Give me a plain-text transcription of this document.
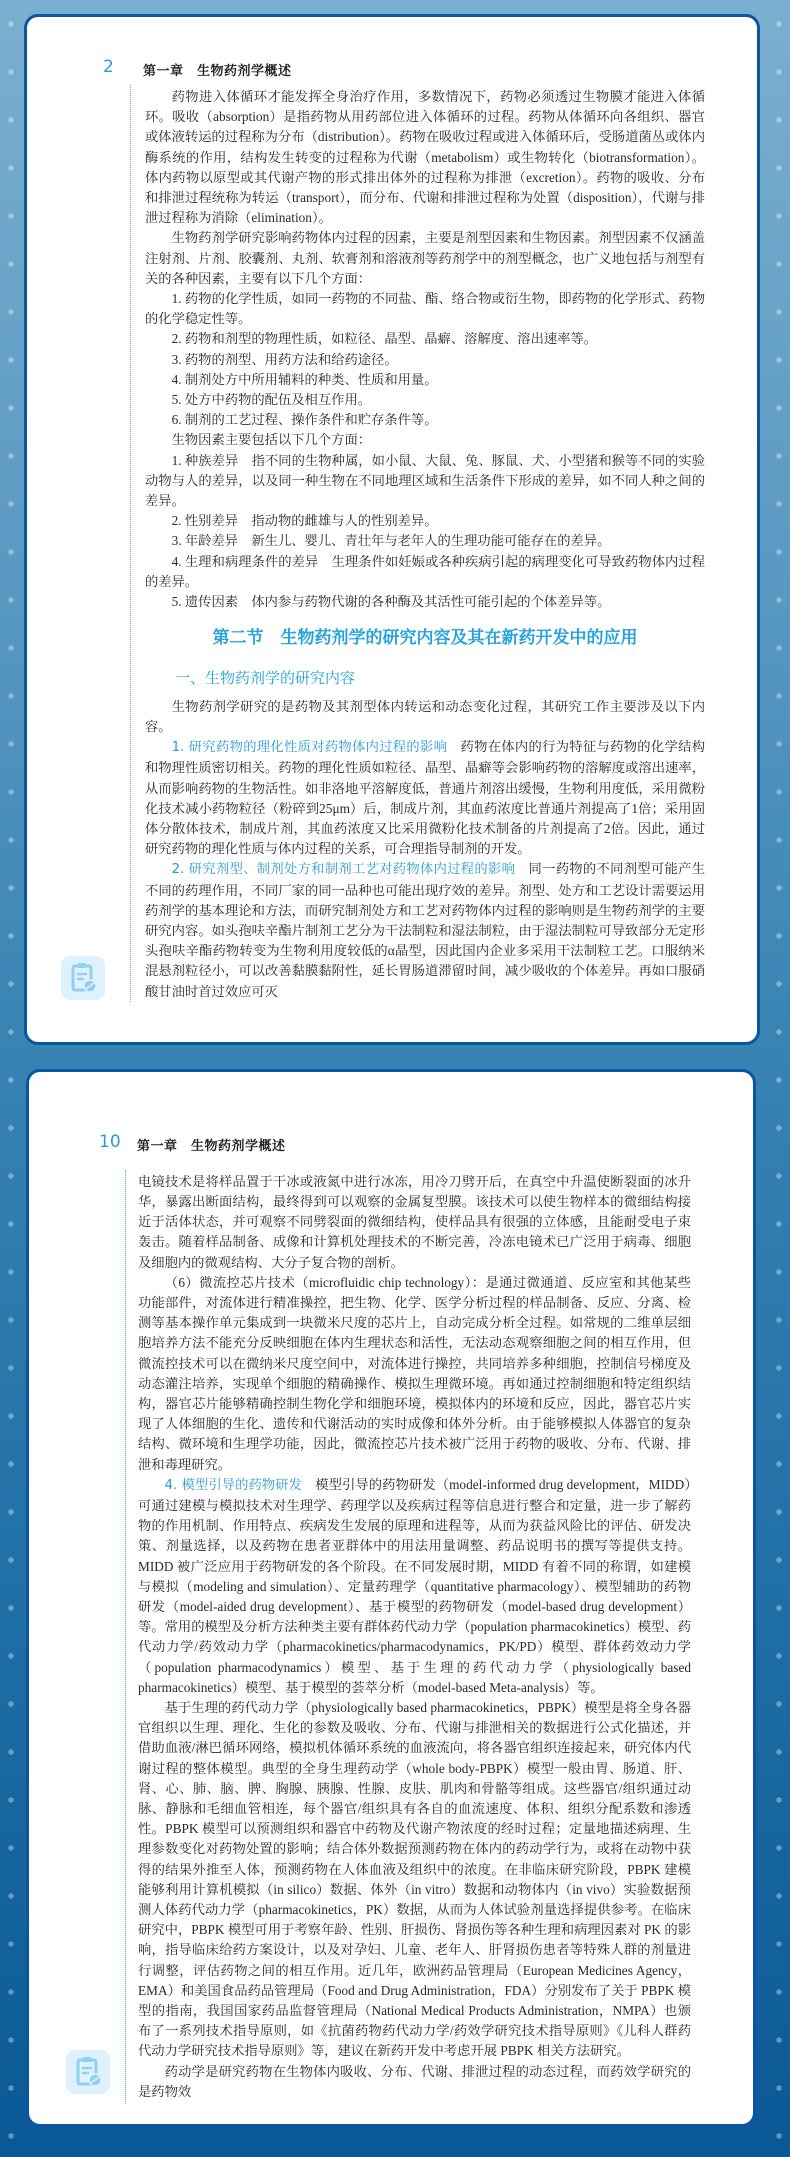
2 第一章　生物药剂学概述

药物进入体循环才能发挥全身治疗作用，多数情况下，药物必须透过生物膜才能进入体循环。吸收（absorption）是指药物从用药部位进入体循环的过程。药物从体循环向各组织、器官或体液转运的过程称为分布（distribution）。药物在吸收过程或进入体循环后，受肠道菌丛或体内酶系统的作用，结构发生转变的过程称为代谢（metabolism）或生物转化（biotransformation）。体内药物以原型或其代谢产物的形式排出体外的过程称为排泄（excretion）。药物的吸收、分布和排泄过程统称为转运（transport），而分布、代谢和排泄过程称为处置（disposition），代谢与排泄过程称为消除（elimination）。

生物药剂学研究影响药物体内过程的因素，主要是剂型因素和生物因素。剂型因素不仅涵盖注射剂、片剂、胶囊剂、丸剂、软膏剂和溶液剂等药剂学中的剂型概念，也广义地包括与剂型有关的各种因素，主要有以下几个方面：

1. 药物的化学性质，如同一药物的不同盐、酯、络合物或衍生物，即药物的化学形式、药物的化学稳定性等。

2. 药物和剂型的物理性质，如粒径、晶型、晶癖、溶解度、溶出速率等。

3. 药物的剂型、用药方法和给药途径。

4. 制剂处方中所用辅料的种类、性质和用量。

5. 处方中药物的配伍及相互作用。

6. 制剂的工艺过程、操作条件和贮存条件等。

生物因素主要包括以下几个方面：

1. 种族差异　指不同的生物种属，如小鼠、大鼠、兔、豚鼠、犬、小型猪和猴等不同的实验动物与人的差异，以及同一种生物在不同地理区域和生活条件下形成的差异，如不同人种之间的差异。

2. 性别差异　指动物的雌雄与人的性别差异。

3. 年龄差异　新生儿、婴儿、青壮年与老年人的生理功能可能存在的差异。

4. 生理和病理条件的差异　生理条件如妊娠或各种疾病引起的病理变化可导致药物体内过程的差异。

5. 遗传因素　体内参与药物代谢的各种酶及其活性可能引起的个体差异等。

第二节　生物药剂学的研究内容及其在新药开发中的应用

一、生物药剂学的研究内容

生物药剂学研究的是药物及其剂型体内转运和动态变化过程，其研究工作主要涉及以下内容。

1. 研究药物的理化性质对药物体内过程的影响 药物在体内的行为特征与药物的化学结构和物理性质密切相关。药物的理化性质如粒径、晶型、晶癖等会影响药物的溶解度或溶出速率，从而影响药物的生物活性。如非洛地平溶解度低，普通片剂溶出缓慢，生物利用度低，采用微粉化技术减小药物粒径（粉碎到25μm）后，制成片剂，其血药浓度比普通片剂提高了1倍；采用固体分散体技术，制成片剂，其血药浓度又比采用微粉化技术制备的片剂提高了2倍。因此，通过研究药物的理化性质与体内过程的关系，可合理指导制剂的开发。

2. 研究剂型、制剂处方和制剂工艺对药物体内过程的影响 同一药物的不同剂型可能产生不同的药理作用，不同厂家的同一品种也可能出现疗效的差异。剂型、处方和工艺设计需要运用药剂学的基本理论和方法，而研究制剂处方和工艺对药物体内过程的影响则是生物药剂学的主要研究内容。如头孢呋辛酯片制剂工艺分为干法制粒和湿法制粒，由于湿法制粒可导致部分无定形头孢呋辛酯药物转变为生物利用度较低的α晶型，因此国内企业多采用干法制粒工艺。口服纳米混悬剂粒径小，可以改善黏膜黏附性，延长胃肠道滞留时间，减少吸收的个体差异。再如口服硝酸甘油时首过效应可灭

10 第一章　生物药剂学概述

电镜技术是将样品置于干冰或液氮中进行冰冻，用冷刀劈开后，在真空中升温使断裂面的冰升华，暴露出断面结构，最终得到可以观察的金属复型膜。该技术可以使生物样本的微细结构接近于活体状态，并可观察不同劈裂面的微细结构，使样品具有很强的立体感，且能耐受电子束轰击。随着样品制备、成像和计算机处理技术的不断完善，冷冻电镜术已广泛用于病毒、细胞及细胞内的微观结构、大分子复合物的剖析。

（6）微流控芯片技术（microfluidic chip technology）：是通过微通道、反应室和其他某些功能部件，对流体进行精准操控，把生物、化学、医学分析过程的样品制备、反应、分离、检测等基本操作单元集成到一块微米尺度的芯片上，自动完成分析全过程。如常规的二维单层细胞培养方法不能充分反映细胞在体内生理状态和活性，无法动态观察细胞之间的相互作用，但微流控技术可以在微纳米尺度空间中，对流体进行操控，共同培养多种细胞，控制信号梯度及动态灌注培养，实现单个细胞的精确操作、模拟生理微环境。再如通过控制细胞和特定组织结构，器官芯片能够精确控制生物化学和细胞环境，模拟体内的环境和反应，因此，器官芯片实现了人体细胞的生化、遗传和代谢活动的实时成像和体外分析。由于能够模拟人体器官的复杂结构、微环境和生理学功能，因此，微流控芯片技术被广泛用于药物的吸收、分布、代谢、排泄和毒理研究。

4. 模型引导的药物研发 模型引导的药物研发（model-informed drug development，MIDD）可通过建模与模拟技术对生理学、药理学以及疾病过程等信息进行整合和定量，进一步了解药物的作用机制、作用特点、疾病发生发展的原理和进程等，从而为获益风险比的评估、研发决策、剂量选择，以及药物在患者亚群体中的用法用量调整、药品说明书的撰写等提供支持。MIDD 被广泛应用于药物研发的各个阶段。在不同发展时期，MIDD 有着不同的称谓，如建模与模拟（modeling and simulation）、定量药理学（quantitative pharmacology）、模型辅助的药物研发（model-aided drug development）、基于模型的药物研发（model-based drug development）等。常用的模型及分析方法种类主要有群体药代动力学（population pharmacokinetics）模型、药代动力学/药效动力学（pharmacokinetics/pharmacodynamics，PK/PD）模型、群体药效动力学（population pharmacodynamics）模型、基于生理的药代动力学（physiologically based pharmacokinetics）模型、基于模型的荟萃分析（model-based Meta-analysis）等。

基于生理的药代动力学（physiologically based pharmacokinetics，PBPK）模型是将全身各器官组织以生理、理化、生化的参数及吸收、分布、代谢与排泄相关的数据进行公式化描述，并借助血液/淋巴循环网络，模拟机体循环系统的血液流向，将各器官组织连接起来，研究体内代谢过程的整体模型。典型的全身生理药动学（whole body-PBPK）模型一般由胃、肠道、肝、肾、心、肺、脑、脾、胸腺、胰腺、性腺、皮肤、肌肉和骨骼等组成。这些器官/组织通过动脉、静脉和毛细血管相连，每个器官/组织具有各自的血流速度、体积、组织分配系数和渗透性。PBPK 模型可以预测组织和器官中药物及代谢产物浓度的经时过程；定量地描述病理、生理参数变化对药物处置的影响；结合体外数据预测药物在体内的药动学行为，或将在动物中获得的结果外推至人体，预测药物在人体血液及组织中的浓度。在非临床研究阶段，PBPK 建模能够利用计算机模拟（in silico）数据、体外（in vitro）数据和动物体内（in vivo）实验数据预测人体药代动力学（pharmacokinetics，PK）数据，从而为人体试验剂量选择提供参考。在临床研究中，PBPK 模型可用于考察年龄、性别、肝损伤、肾损伤等各种生理和病理因素对 PK 的影响，指导临床给药方案设计，以及对孕妇、儿童、老年人、肝肾损伤患者等特殊人群的剂量进行调整，评估药物之间的相互作用。近几年，欧洲药品管理局（European Medicines Agency，EMA）和美国食品药品管理局（Food and Drug Administration，FDA）分别发布了关于 PBPK 模型的指南，我国国家药品监督管理局（National Medical Products Administration，NMPA）也颁布了一系列技术指导原则，如《抗菌药物药代动力学/药效学研究技术指导原则》《儿科人群药代动力学研究技术指导原则》等，建议在新药开发中考虑开展 PBPK 相关方法研究。

药动学是研究药物在生物体内吸收、分布、代谢、排泄过程的动态过程，而药效学研究的是药物效
